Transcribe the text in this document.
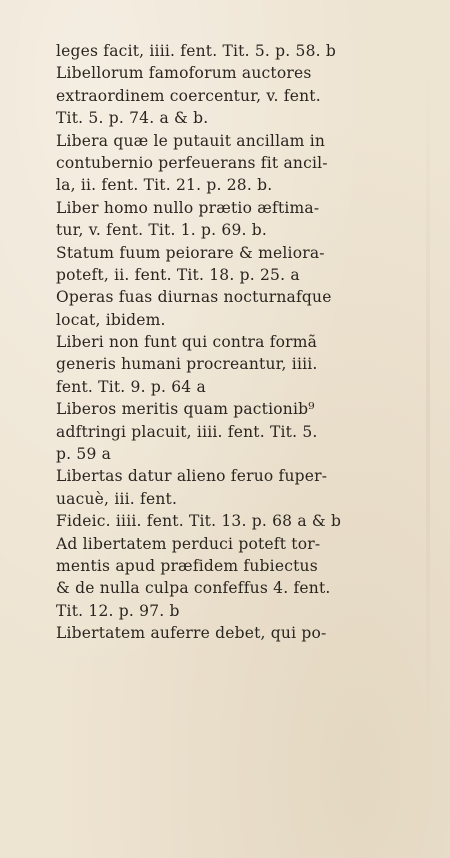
leges facit, iiii. fent. Tit. 5. p. 58. b
Libellorum famoforum auctores
extraordinem coercentur, v. fent.
Tit. 5. p. 74. a & b.
Libera quæ le putauit ancillam in
contubernio perfeuerans fit ancil-
la, ii. fent. Tit. 21. p. 28. b.
Liber homo nullo prætio æftima-
tur, v. fent. Tit. 1. p. 69. b.
Statum fuum peiorare & meliora-
poteft, ii. fent. Tit. 18. p. 25. a
Operas fuas diurnas nocturnafque
locat, ibidem.
Liberi non funt qui contra formã
generis humani procreantur, iiii.
fent. Tit. 9. p. 64 a
Liberos meritis quam pactionib⁹
adftringi placuit, iiii. fent. Tit. 5.
p. 59 a
Libertas datur alieno feruo fuper-
uacuè, iii. fent.
Fideic. iiii. fent. Tit. 13. p. 68 a & b
Ad libertatem perduci poteft tor-
mentis apud præfidem fubiectus
& de nulla culpa confeffus 4. fent.
Tit. 12. p. 97. b
Libertatem auferre debet, qui po-
